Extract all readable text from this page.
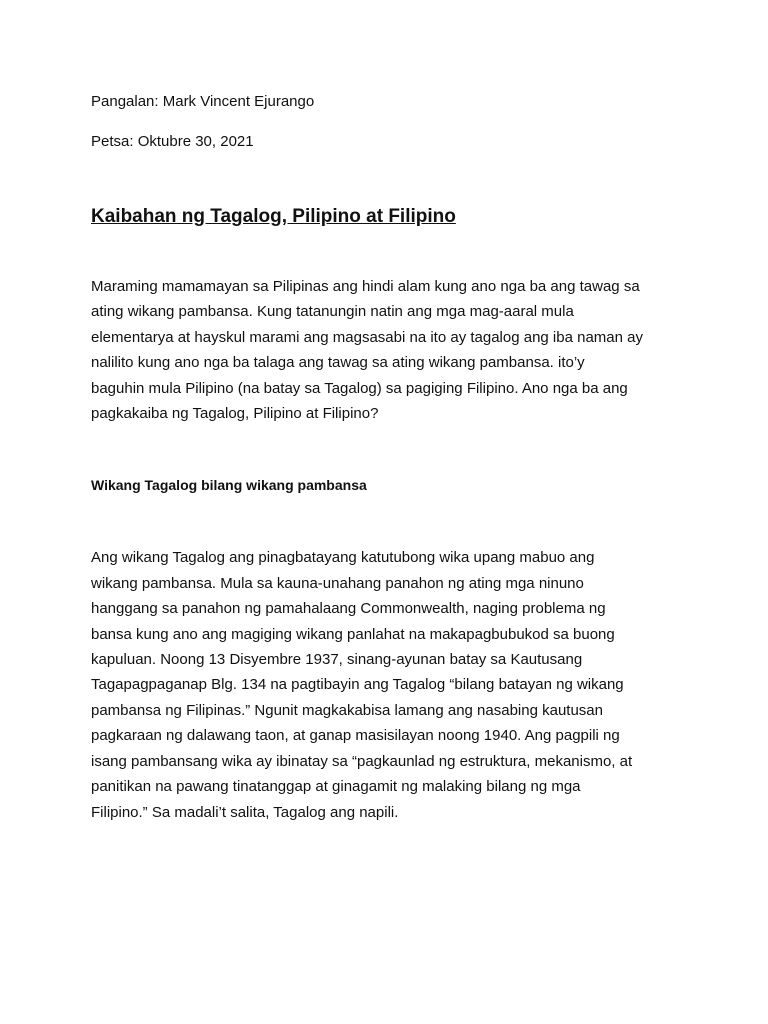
Pangalan: Mark Vincent Ejurango

Petsa: Oktubre 30, 2021

Kaibahan ng Tagalog, Pilipino at Filipino

Maraming mamamayan sa Pilipinas ang hindi alam kung ano nga ba ang tawag sa
ating wikang pambansa. Kung tatanungin natin ang mga mag-aaral mula
elementarya at hayskul marami ang magsasabi na ito ay tagalog ang iba naman ay
nalilito kung ano nga ba talaga ang tawag sa ating wikang pambansa. ito’y
baguhin mula Pilipino (na batay sa Tagalog) sa pagiging Filipino. Ano nga ba ang
pagkakaiba ng Tagalog, Pilipino at Filipino?

Wikang Tagalog bilang wikang pambansa

Ang wikang Tagalog ang pinagbatayang katutubong wika upang mabuo ang
wikang pambansa. Mula sa kauna-unahang panahon ng ating mga ninuno
hanggang sa panahon ng pamahalaang Commonwealth, naging problema ng
bansa kung ano ang magiging wikang panlahat na makapagbubukod sa buong
kapuluan. Noong 13 Disyembre 1937, sinang-ayunan batay sa Kautusang
Tagapagpaganap Blg. 134 na pagtibayin ang Tagalog “bilang batayan ng wikang
pambansa ng Filipinas.” Ngunit magkakabisa lamang ang nasabing kautusan
pagkaraan ng dalawang taon, at ganap masisilayan noong 1940. Ang pagpili ng
isang pambansang wika ay ibinatay sa “pagkaunlad ng estruktura, mekanismo, at
panitikan na pawang tinatanggap at ginagamit ng malaking bilang ng mga
Filipino.” Sa madali’t salita, Tagalog ang napili.
